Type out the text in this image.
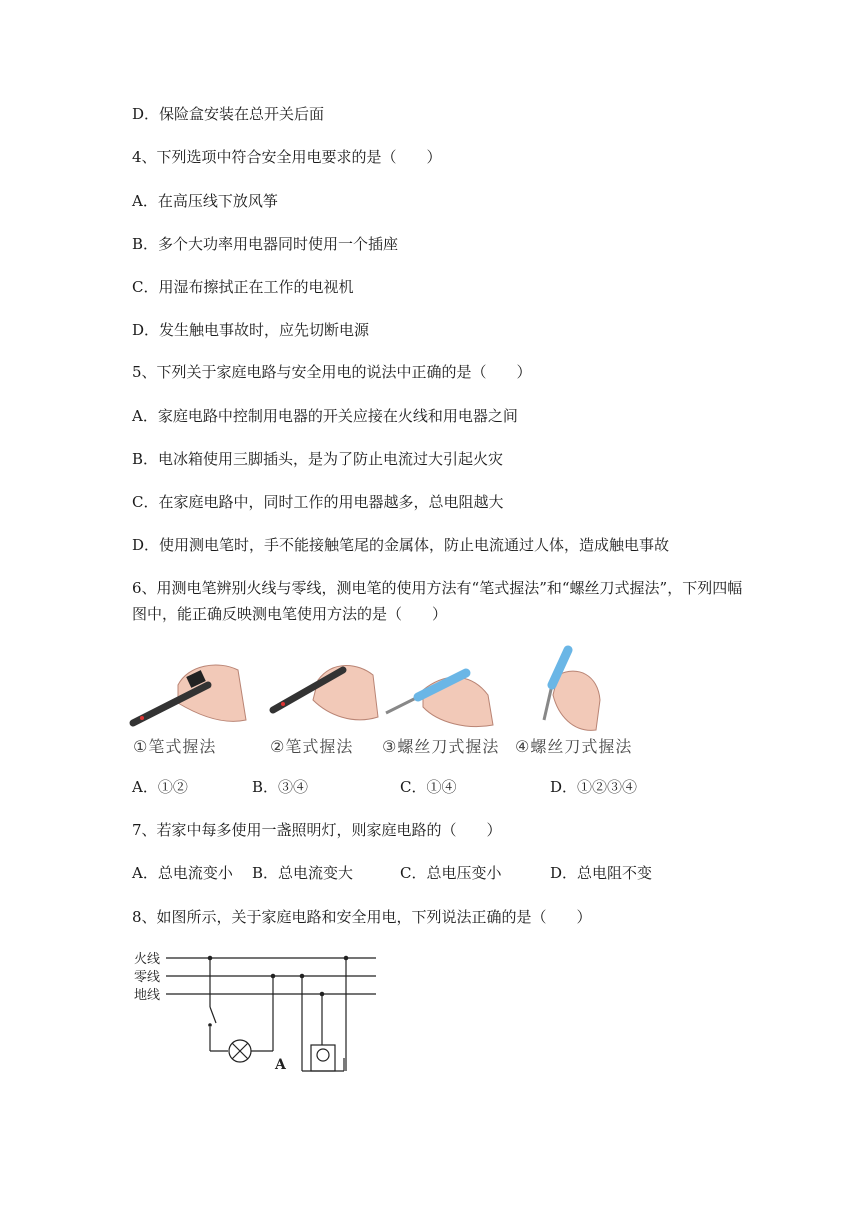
D．保险盒安装在总开关后面
4、下列选项中符合安全用电要求的是（　　）
A．在高压线下放风筝
B．多个大功率用电器同时使用一个插座
C．用湿布擦拭正在工作的电视机
D．发生触电事故时，应先切断电源
5、下列关于家庭电路与安全用电的说法中正确的是（　　）
A．家庭电路中控制用电器的开关应接在火线和用电器之间
B．电冰箱使用三脚插头，是为了防止电流过大引起火灾
C．在家庭电路中，同时工作的用电器越多，总电阻越大
D．使用测电笔时，手不能接触笔尾的金属体，防止电流通过人体，造成触电事故
6、用测电笔辨别火线与零线，测电笔的使用方法有“笔式握法”和“螺丝刀式握法”，下列四幅
图中，能正确反映测电笔使用方法的是（　　）
①笔式握法	②笔式握法 ③螺丝刀式握法 ④螺丝刀式握法
A．①②	B．③④	C．①④	D．①②③④
7、若家中每多使用一盏照明灯，则家庭电路的（　　）
A．总电流变小 B．总电流变大	C．总电压变小	D．总电阻不变
8、如图所示，关于家庭电路和安全用电，下列说法正确的是（　　）
火线
零线
地线
A
